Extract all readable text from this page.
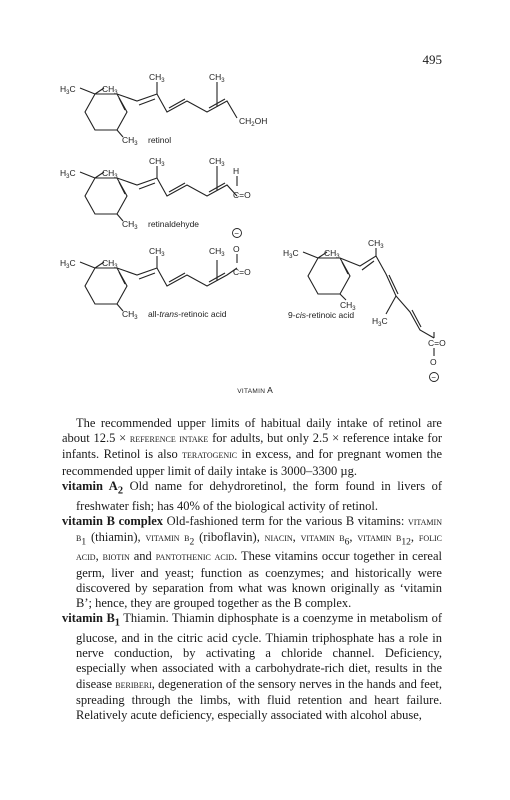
495
$H_3C$	$CH_3$
$CH_3$	$CH_3$
$CH_2OH$
$CH_3$ retinol
$H_3C$	$CH_3$
$CH_3$	$CH_3$
H
C=O
$CH_3$ retinaldehyde
$H_3C$	$CH_3$
$CH_3$	$CH_3$
−
O
C=O
$CH_3$ all-trans-retinoic acid
$H_3C$	$CH_3$
$CH_3$
$CH_3$
9-cis-retinoic acid
$H_3C$
C=O
O
−
VITAMIN A

The recommended upper limits of habitual daily intake of retinol are about 12.5 × reference intake for adults, but only 2.5 × reference intake for infants. Retinol is also teratogenic in excess, and for pregnant women the recommended upper limit of daily intake is 3000–3300 µg.

vitamin $A_2$ Old name for dehydroretinol, the form found in livers of freshwater fish; has 40% of the biological activity of retinol.

vitamin B complex Old-fashioned term for the various B vitamins: vitamin $b_1$ (thiamin), vitamin $b_2$ (riboflavin), niacin, vitamin $b_6$, vitamin $b_{12}$, folic acid, biotin and pantothenic acid. These vitamins occur together in cereal germ, liver and yeast; function as coenzymes; and historically were discovered by separation from what was known originally as ‘vitamin B’; hence, they are grouped together as the B complex.

vitamin $B_1$ Thiamin. Thiamin diphosphate is a coenzyme in metabolism of glucose, and in the citric acid cycle. Thiamin triphosphate has a role in nerve conduction, by activating a chloride channel. Deficiency, especially when associated with a carbohydrate-rich diet, results in the disease beriberi, degeneration of the sensory nerves in the hands and feet, spreading through the limbs, with fluid retention and heart failure. Relatively acute deficiency, especially associated with alcohol abuse,
